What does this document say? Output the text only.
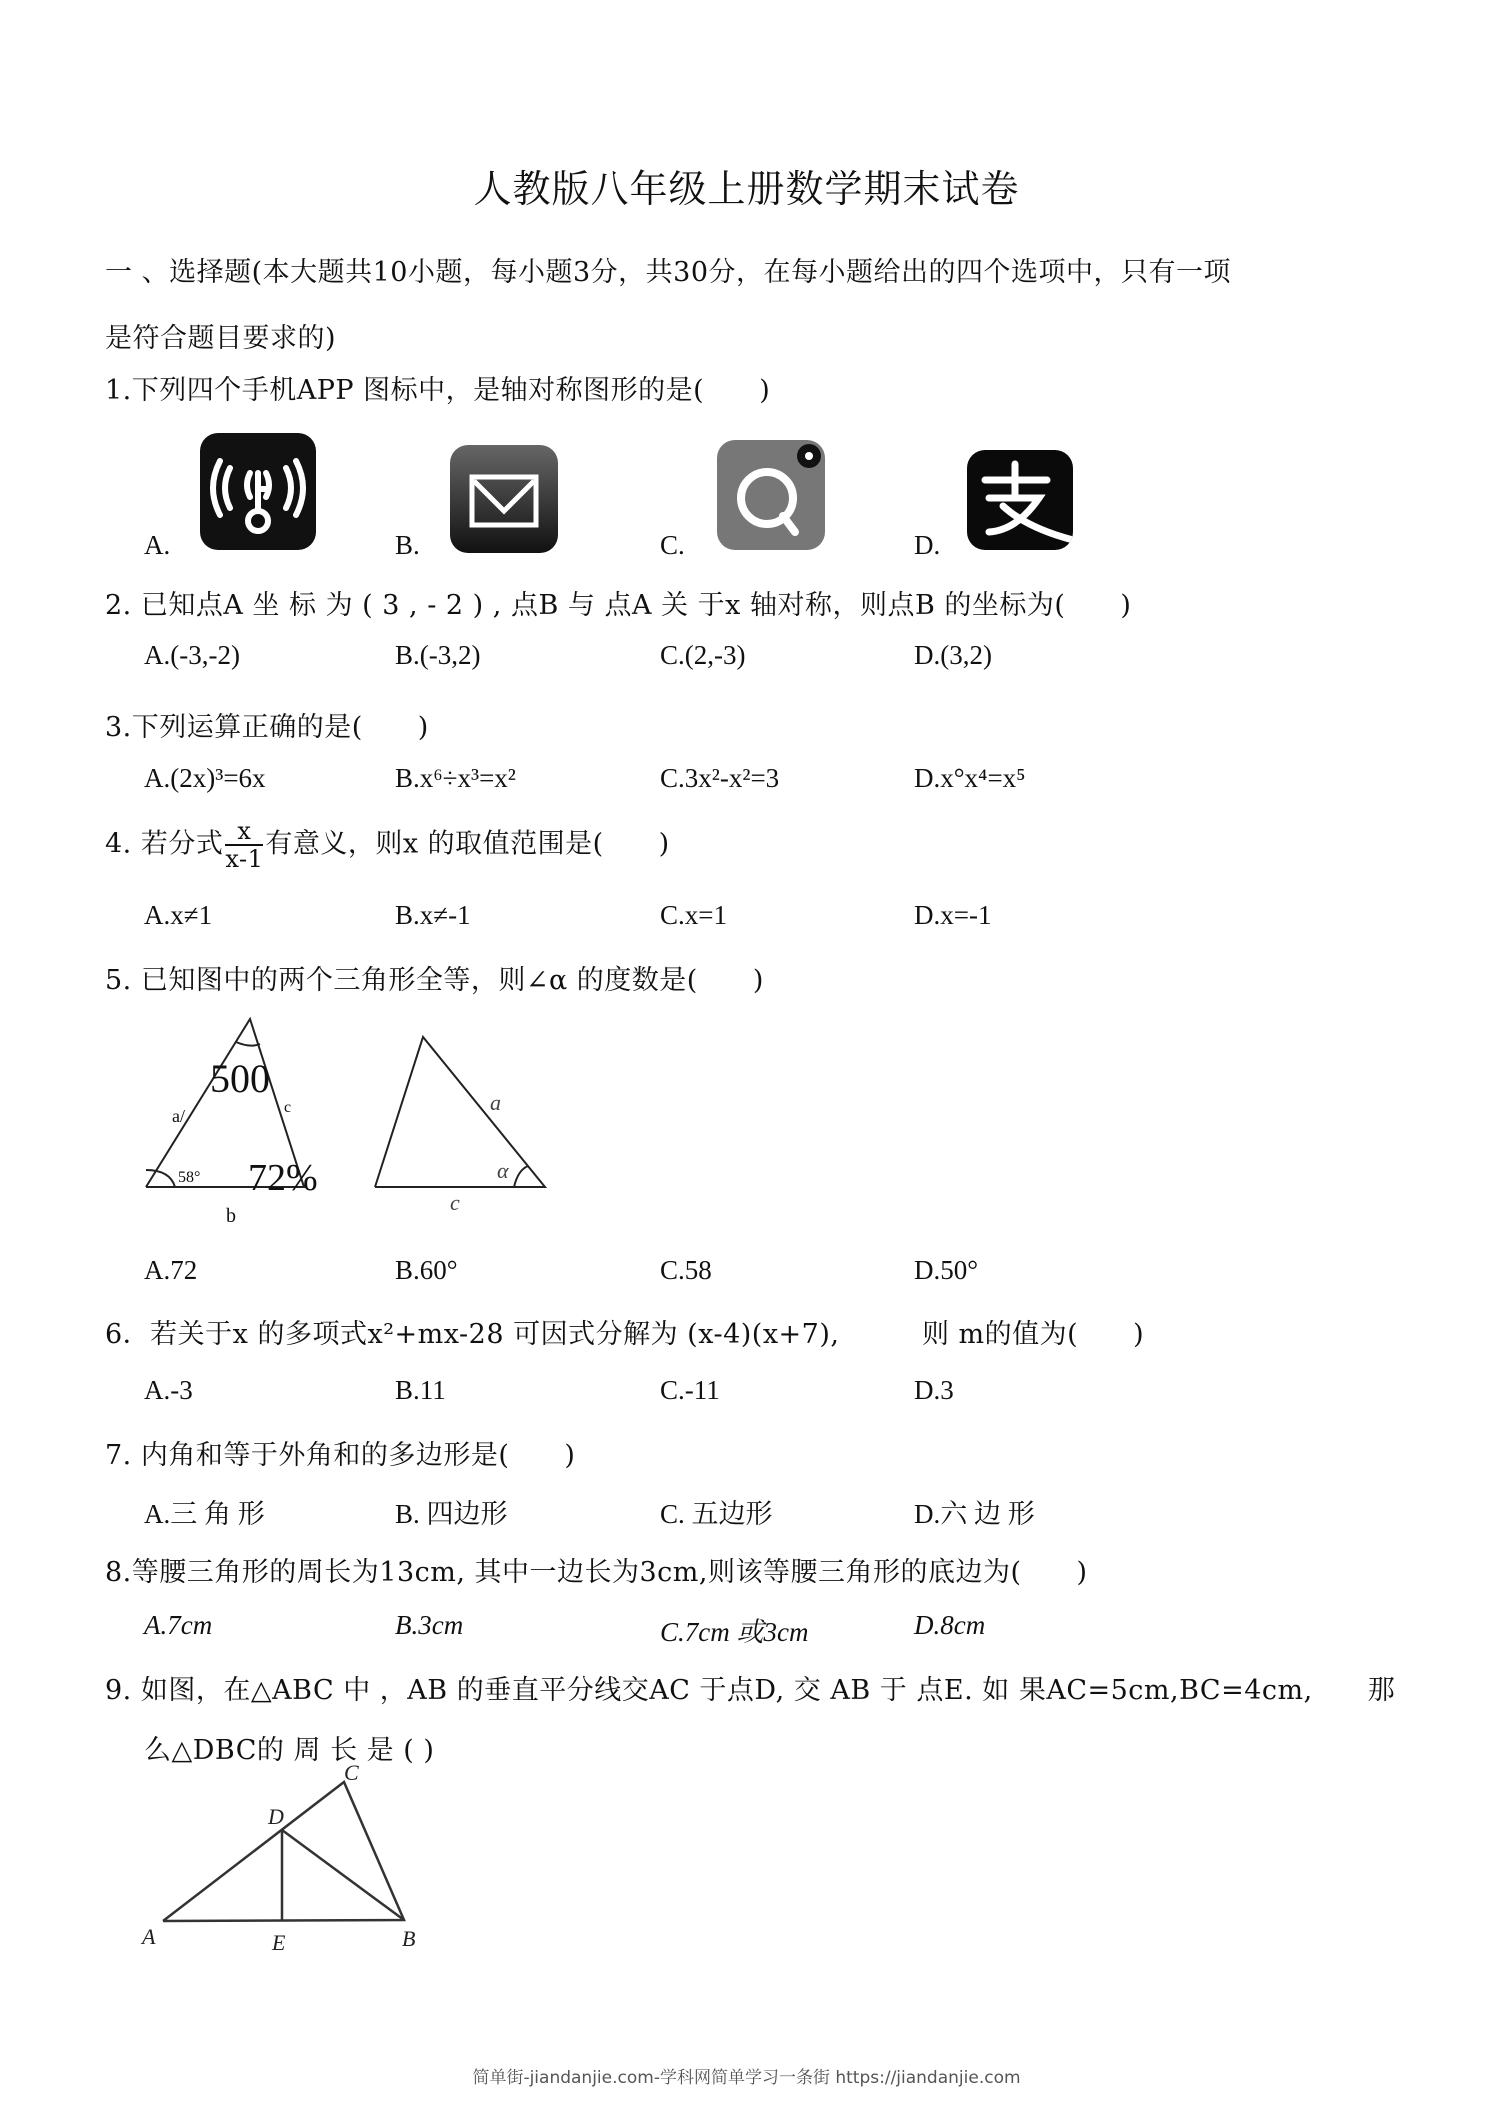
人教版八年级上册数学期末试卷
一 、选择题(本大题共10小题，每小题3分，共30分，在每小题给出的四个选项中，只有一项
是符合题目要求的)
1.下列四个手机APP 图标中，是轴对称图形的是(　　)
A.	B.	C.	D.
2. 已知点A 坐 标 为 ( 3 , - 2 ) , 点B 与 点A 关 于x 轴对称，则点B 的坐标为(　　)
A.(-3,-2)	B.(-3,2)	C.(2,-3)	D.(3,2)
3.下列运算正确的是(　　)
A.(2x)³=6x	B.x⁶÷x³=x²	C.3x²-x²=3	D.x°x⁴=x⁵
4. 若分式 $\frac{x}{x-1}$ 有意义，则x 的取值范围是(　　)
A.x≠1	B.x≠-1	C.x=1	D.x=-1
5. 已知图中的两个三角形全等，则∠α 的度数是(　　)
500
a/	c
58° 72%
b
a
α
c
A.72	B.60°	C.58	D.50°
6．若关于x 的多项式x²+mx-28 可因式分解为 (x-4)(x+7),　　　则 m的值为(　　)
A.-3	B.11	C.-11	D.3
7. 内角和等于外角和的多边形是(　　)
A.三 角 形	B. 四边形	C. 五边形	D.六 边 形
8.等腰三角形的周长为13cm, 其中一边长为3cm,则该等腰三角形的底边为(　　)
A.7cm	B.3cm	C.7cm 或3cm	D.8cm
9. 如图，在△ABC 中 ，AB 的垂直平分线交AC 于点D, 交 AB 于 点E. 如 果AC=5cm,BC=4cm,　　那
么△DBC的 周 长 是 ( )
A	B
C
D
E
简单街-jiandanjie.com-学科网简单学习一条街 https://jiandanjie.com
